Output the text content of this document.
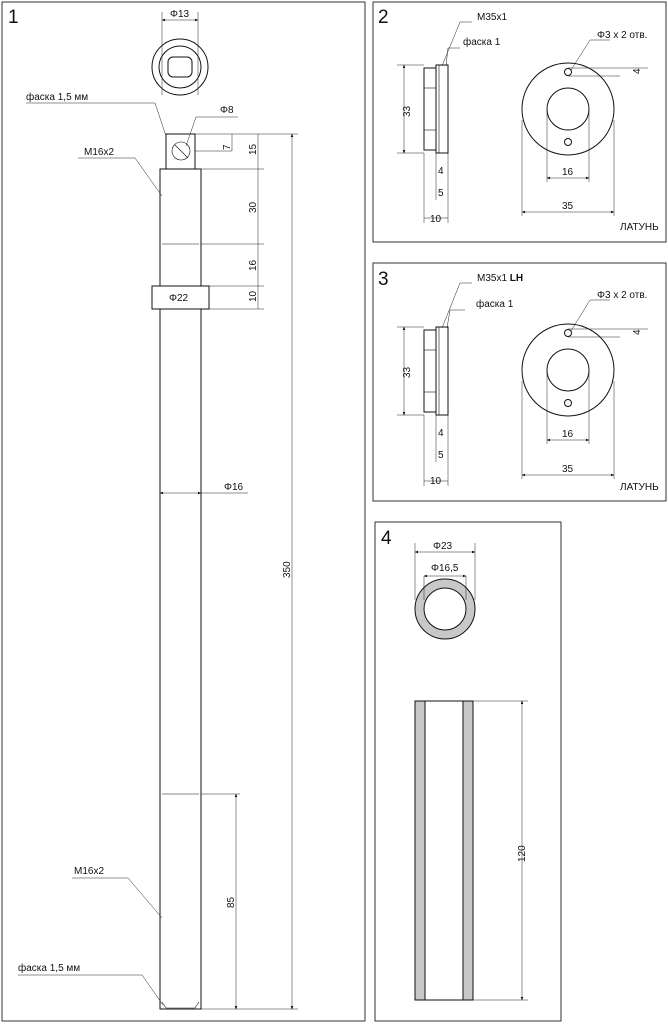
1	Φ13
фаска 1,5 мм
Φ8
M16x2	7 15
30
16
10
Φ22
Φ16
350
85
M16x2
фаска 1,5 мм
2	M35x1
фаска 1
Φ3 x 2 отв.
33
4
5
10
4
16
35
ЛАТУНЬ
3	M35x1 LH
фаска 1
Φ3 x 2 отв.
33
4
5
10
4
16
35
ЛАТУНЬ
4	Φ23
Φ16,5
120
